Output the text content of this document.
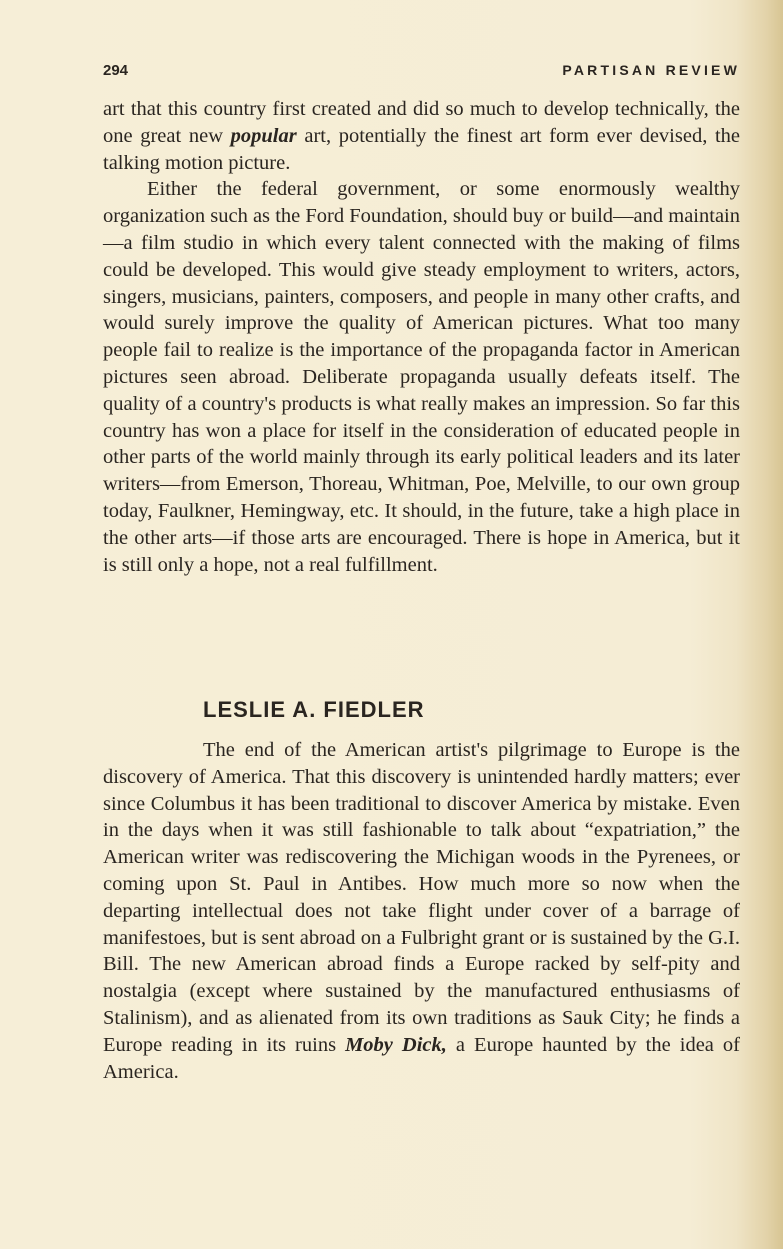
294	PARTISAN REVIEW

art that this country first created and did so much to develop technically, the one great new popular art, potentially the finest art form ever devised, the talking motion picture.

Either the federal government, or some enormously wealthy organization such as the Ford Foundation, should buy or build—and maintain—a film studio in which every talent connected with the making of films could be developed. This would give steady employment to writers, actors, singers, musicians, painters, composers, and people in many other crafts, and would surely improve the quality of American pictures. What too many people fail to realize is the importance of the propaganda factor in American pictures seen abroad. Deliberate propaganda usually defeats itself. The quality of a country's products is what really makes an impression. So far this country has won a place for itself in the consideration of educated people in other parts of the world mainly through its early political leaders and its later writers—from Emerson, Thoreau, Whitman, Poe, Melville, to our own group today, Faulkner, Hemingway, etc. It should, in the future, take a high place in the other arts—if those arts are encouraged. There is hope in America, but it is still only a hope, not a real fulfillment.

LESLIE A. FIEDLER

The end of the American artist's pilgrimage to Europe is the discovery of America. That this discovery is unintended hardly matters; ever since Columbus it has been traditional to discover America by mistake. Even in the days when it was still fashionable to talk about “expatriation,” the American writer was rediscovering the Michigan woods in the Pyrenees, or coming upon St. Paul in Antibes. How much more so now when the departing intellectual does not take flight under cover of a barrage of manifestoes, but is sent abroad on a Fulbright grant or is sustained by the G.I. Bill. The new American abroad finds a Europe racked by self-pity and nostalgia (except where sustained by the manufactured enthusiasms of Stalinism), and as alienated from its own traditions as Sauk City; he finds a Europe reading in its ruins Moby Dick, a Europe haunted by the idea of America.
